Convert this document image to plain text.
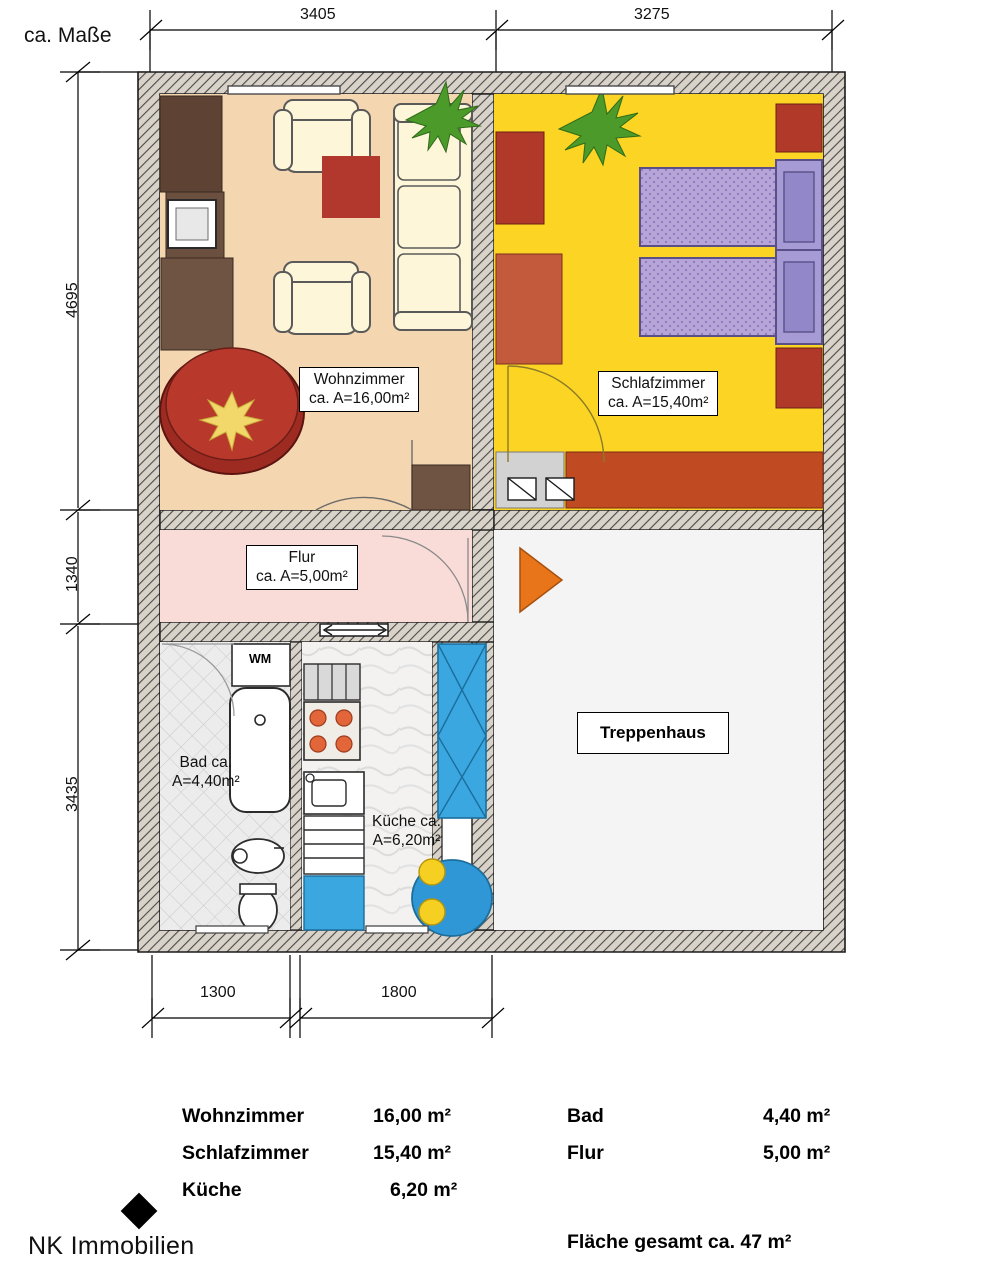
ca. Maße
3405	3275
4695
1340
3435
1300	1800
Wohnzimmer
ca. A=16,00m²
Schlafzimmer
ca. A=15,40m²
Flur
ca. A=5,00m²
Bad ca.
A=4,40m²
Küche ca.
A=6,20m²
Treppenhaus
WM
Wohnzimmer	16,00 m²
Schlafzimmer	15,40 m²
Küche	6,20 m²
Bad	4,40 m²
Flur	5,00 m²
Fläche gesamt ca. 47 m²
NK Immobilien
